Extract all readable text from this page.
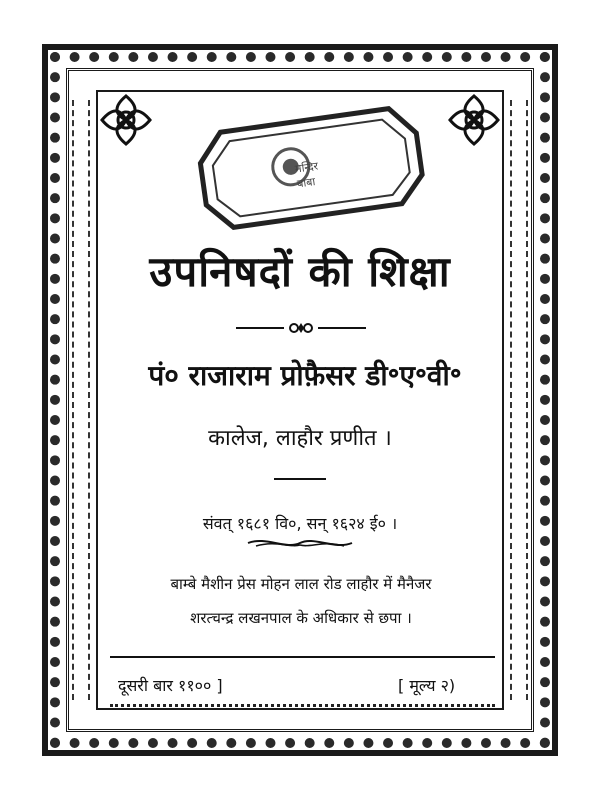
मन्दिर
बाबा
उपनिषदों की शिक्षा
पं० राजाराम प्रोफ़ैसर डी॰ए॰वी॰
कालेज, लाहौर प्रणीत ।
संवत् १६८१ वि०, सन् १६२४ ई० ।
बाम्बे मैशीन प्रेस मोहन लाल रोड लाहौर में मैनैजर
शरत्चन्द्र लखनपाल के अधिकार से छपा ।
दूसरी बार ११०० ]	[ मूल्य २)
